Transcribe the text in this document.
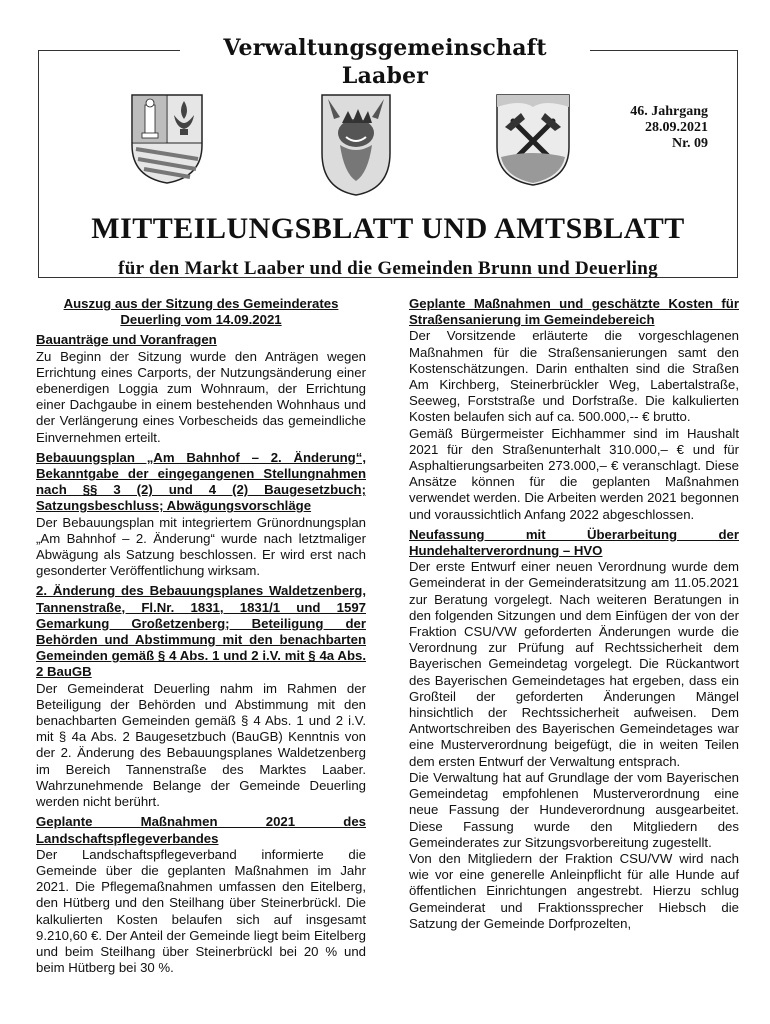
Verwaltungsgemeinschaft Laaber
46. Jahrgang
28.09.2021
Nr. 09
MITTEILUNGSBLATT UND AMTSBLATT
für den Markt Laaber und die Gemeinden Brunn und Deuerling

Auszug aus der Sitzung des Gemeinderates Deuerling vom 14.09.2021

Bauanträge und Voranfragen

Zu Beginn der Sitzung wurde den Anträgen wegen Errichtung eines Carports, der Nutzungsänderung einer ebenerdigen Loggia zum Wohnraum, der Errichtung einer Dachgaube in einem bestehenden Wohnhaus und der Verlängerung eines Vorbescheids das gemeindliche Einvernehmen erteilt.

Bebauungsplan „Am Bahnhof – 2. Änderung“, Bekanntgabe der eingegangenen Stellungnahmen nach §§ 3 (2) und 4 (2) Baugesetzbuch; Satzungsbeschluss; Abwägungsvorschläge

Der Bebauungsplan mit integriertem Grünordnungsplan „Am Bahnhof – 2. Änderung“ wurde nach letztmaliger Abwägung als Satzung beschlossen. Er wird erst nach gesonderter Veröffentlichung wirksam.

2. Änderung des Bebauungsplanes Waldetzenberg, Tannenstraße, Fl.Nr. 1831, 1831/1 und 1597 Gemarkung Großetzenberg; Beteiligung der Behörden und Abstimmung mit den benachbarten Gemeinden gemäß § 4 Abs. 1 und 2 i.V. mit § 4a Abs. 2 BauGB

Der Gemeinderat Deuerling nahm im Rahmen der Beteiligung der Behörden und Abstimmung mit den benachbarten Gemeinden gemäß § 4 Abs. 1 und 2 i.V. mit § 4a Abs. 2 Baugesetzbuch (BauGB) Kenntnis von der 2. Änderung des Bebauungsplanes Waldetzenberg im Bereich Tannenstraße des Marktes Laaber. Wahrzunehmende Belange der Gemeinde Deuerling werden nicht berührt.

Geplante Maßnahmen 2021 des Landschaftspflegeverbandes

Der Landschaftspflegeverband informierte die Gemeinde über die geplanten Maßnahmen im Jahr 2021. Die Pflegemaßnahmen umfassen den Eitelberg, den Hütberg und den Steilhang über Steinerbrückl. Die kalkulierten Kosten belaufen sich auf insgesamt 9.210,60 €. Der Anteil der Gemeinde liegt beim Eitelberg und beim Steilhang über Steinerbrückl bei 20 % und beim Hütberg bei 30 %.

Geplante Maßnahmen und geschätzte Kosten für Straßensanierung im Gemeindebereich

Der Vorsitzende erläuterte die vorgeschlagenen Maßnahmen für die Straßensanierungen samt den Kostenschätzungen. Darin enthalten sind die Straßen Am Kirchberg, Steinerbrückler Weg, Labertalstraße, Seeweg, Forststraße und Dorfstraße. Die kalkulierten Kosten belaufen sich auf ca. 500.000,-- € brutto.

Gemäß Bürgermeister Eichhammer sind im Haushalt 2021 für den Straßenunterhalt 310.000,– € und für Asphaltierungsarbeiten 273.000,– € veranschlagt. Diese Ansätze können für die geplanten Maßnahmen verwendet werden. Die Arbeiten werden 2021 begonnen und voraussichtlich Anfang 2022 abgeschlossen.

Neufassung mit Überarbeitung der Hundehalterverordnung – HVO

Der erste Entwurf einer neuen Verordnung wurde dem Gemeinderat in der Gemeinderatsitzung am 11.05.2021 zur Beratung vorgelegt. Nach weiteren Beratungen in den folgenden Sitzungen und dem Einfügen der von der Fraktion CSU/VW geforderten Änderungen wurde die Verordnung zur Prüfung auf Rechtssicherheit dem Bayerischen Gemeindetag vorgelegt. Die Rückantwort des Bayerischen Gemeindetages hat ergeben, dass ein Großteil der geforderten Änderungen Mängel hinsichtlich der Rechtssicherheit aufweisen. Dem Antwortschreiben des Bayerischen Gemeindetages war eine Musterverordnung beigefügt, die in weiten Teilen dem ersten Entwurf der Verwaltung entsprach.

Die Verwaltung hat auf Grundlage der vom Bayerischen Gemeindetag empfohlenen Musterverordnung eine neue Fassung der Hundeverordnung ausgearbeitet. Diese Fassung wurde den Mitgliedern des Gemeinderates zur Sitzungsvorbereitung zugestellt.

Von den Mitgliedern der Fraktion CSU/VW wird nach wie vor eine generelle Anleinpflicht für alle Hunde auf öffentlichen Einrichtungen angestrebt. Hierzu schlug Gemeinderat und Fraktionssprecher Hiebsch die Satzung der Gemeinde Dorfprozelten,
